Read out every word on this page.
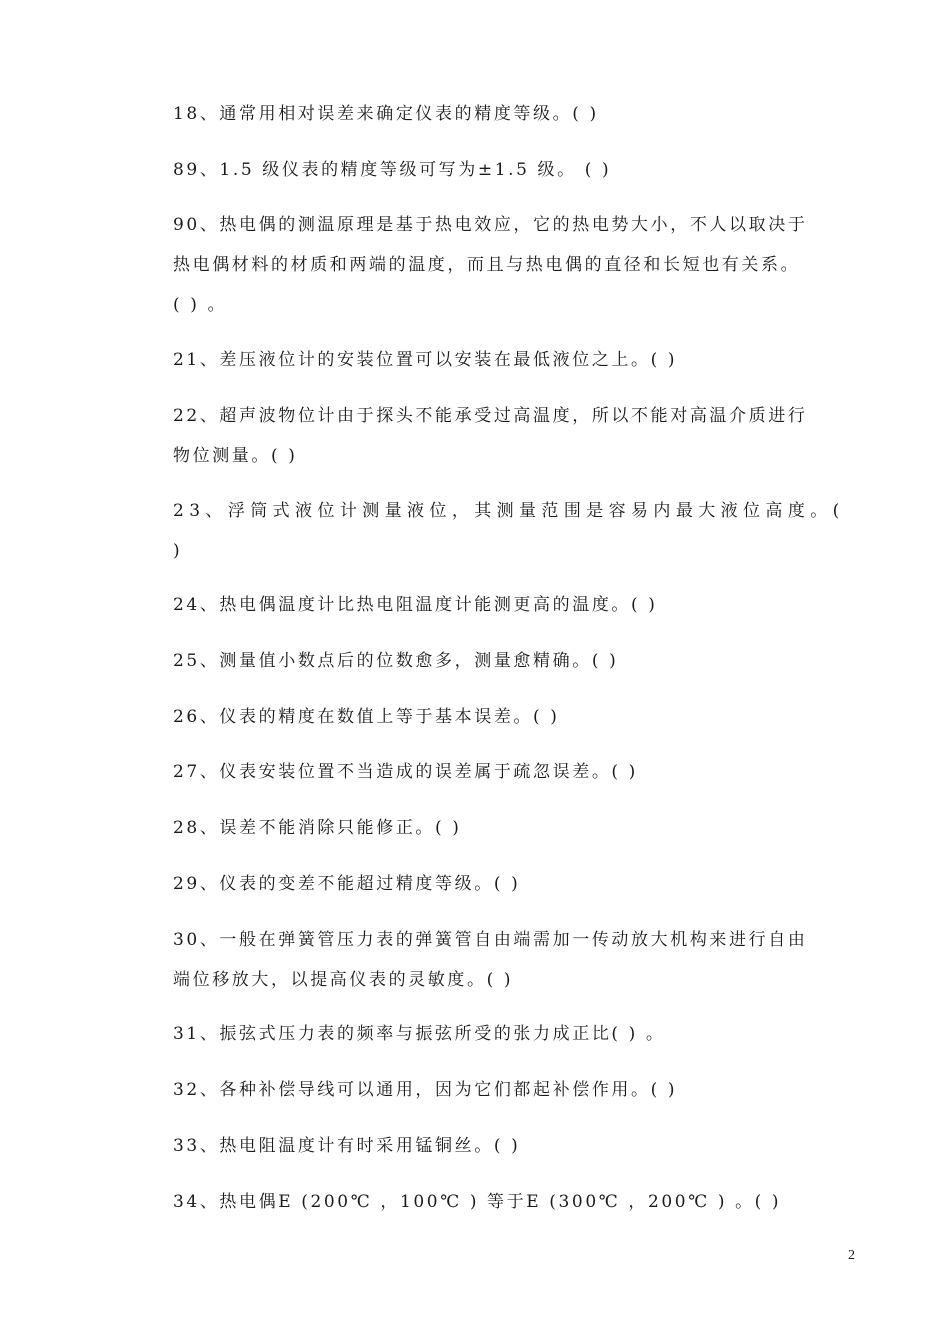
18、通常用相对误差来确定仪表的精度等级。( )
89、1.5 级仪表的精度等级可写为±1.5 级。 ( )
90、热电偶的测温原理是基于热电效应，它的热电势大小，不人以取决于
热电偶材料的材质和两端的温度，而且与热电偶的直径和长短也有关系。
( ) 。
21、差压液位计的安装位置可以安装在最低液位之上。( )
22、超声波物位计由于探头不能承受过高温度，所以不能对高温介质进行
物位测量。( )
23、浮筒式液位计测量液位，其测量范围是容易内最大液位高度。(
)
24、热电偶温度计比热电阻温度计能测更高的温度。( )
25、测量值小数点后的位数愈多，测量愈精确。( )
26、仪表的精度在数值上等于基本误差。( )
27、仪表安装位置不当造成的误差属于疏忽误差。( )
28、误差不能消除只能修正。( )
29、仪表的变差不能超过精度等级。( )
30、一般在弹簧管压力表的弹簧管自由端需加一传动放大机构来进行自由
端位移放大，以提高仪表的灵敏度。( )
31、振弦式压力表的频率与振弦所受的张力成正比( ) 。
32、各种补偿导线可以通用，因为它们都起补偿作用。( )
33、热电阻温度计有时采用锰铜丝。( )
34、热电偶E (200℃ ，100℃ ) 等于E (300℃ ，200℃ ) 。( )
2
